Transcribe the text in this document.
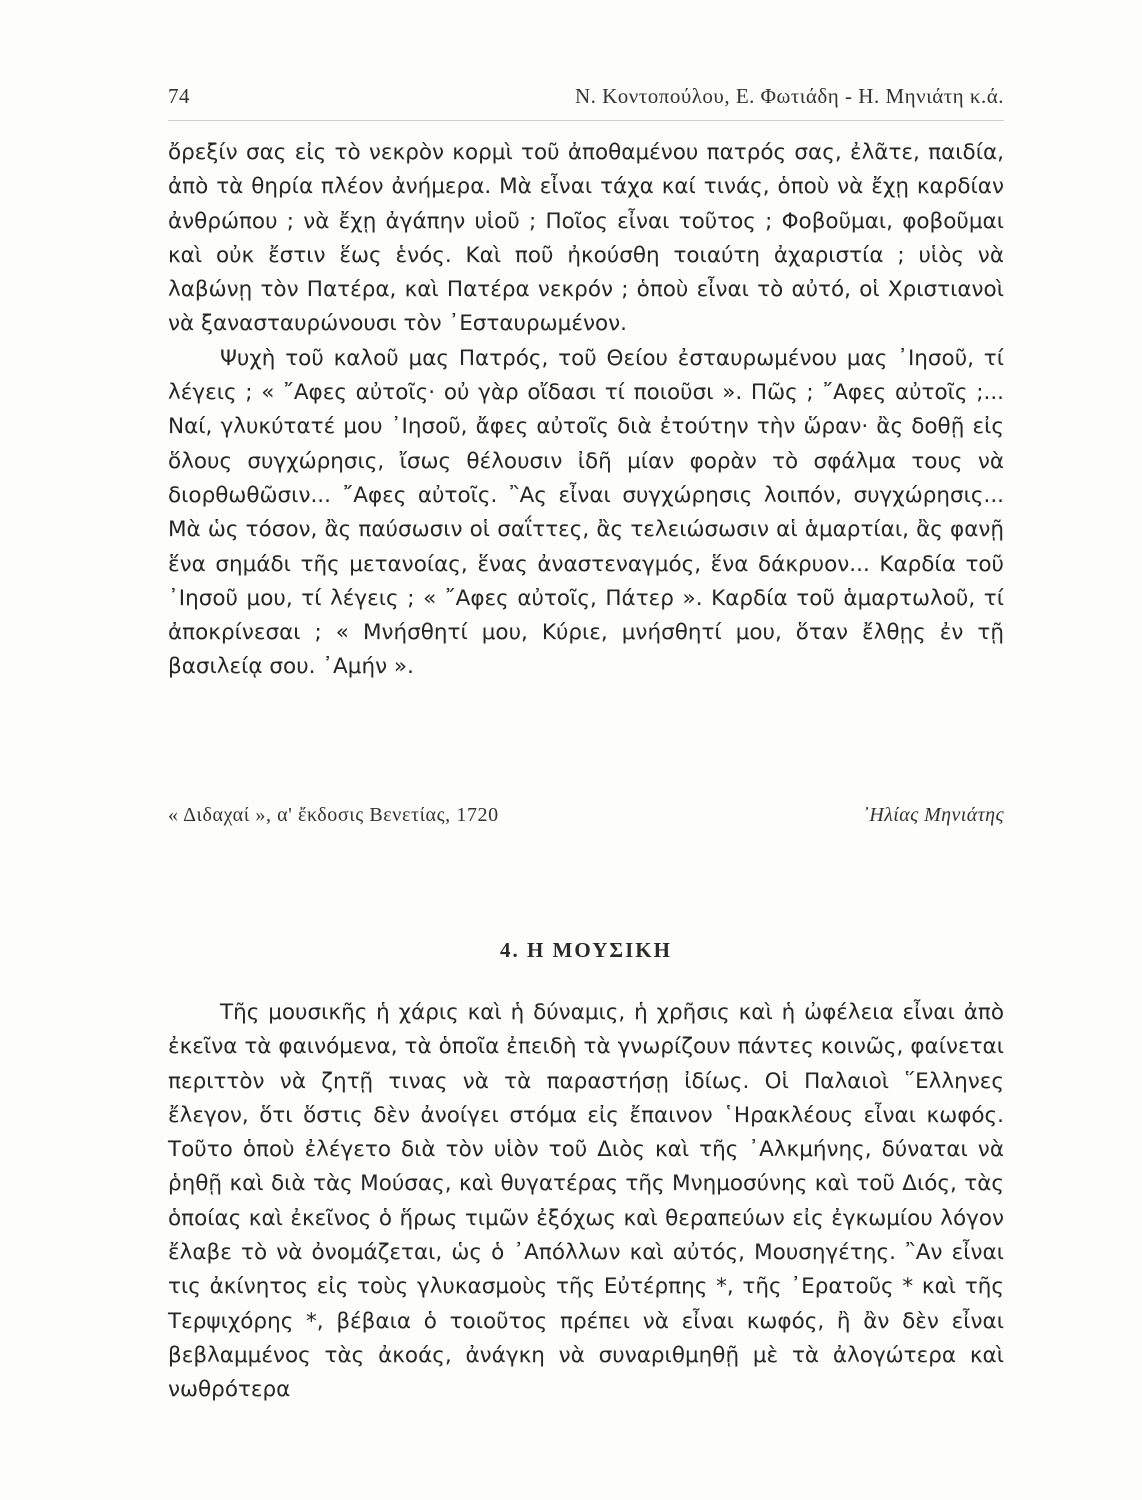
74	Ν. Κοντοπούλου, Ε. Φωτιάδη - Η. Μηνιάτη κ.ά.

ὄρεξίν σας εἰς τὸ νεκρὸν κορμὶ τοῦ ἀποθαμένου πατρός σας, ἐλᾶτε, παιδία, ἀπὸ τὰ θηρία πλέον ἀνήμερα. Μὰ εἶναι τάχα καί τινάς, ὁποὺ νὰ ἔχῃ καρδίαν ἀνθρώπου ; νὰ ἔχῃ ἀγάπην υἱοῦ ; Ποῖος εἶναι τοῦτος ; Φοβοῦμαι, φοβοῦμαι καὶ οὐκ ἔστιν ἕως ἑνός. Καὶ ποῦ ἠκούσθη τοιαύτη ἀχαριστία ; υἱὸς νὰ λαβώνῃ τὸν Πατέρα, καὶ Πατέρα νεκρόν ; ὁποὺ εἶναι τὸ αὐτό, οἱ Χριστιανοὶ νὰ ξανασταυρώνουσι τὸν ᾿Εσταυρωμένον.

Ψυχὴ τοῦ καλοῦ μας Πατρός, τοῦ Θείου ἐσταυρωμένου μας ᾿Ιησοῦ, τί λέγεις ; « ῎Αφες αὐτοῖς· οὐ γὰρ οἴδασι τί ποιοῦσι ». Πῶς ; ῎Αφες αὐτοῖς ;... Ναί, γλυκύτατέ μου ᾿Ιησοῦ, ἄφες αὐτοῖς διὰ ἐτούτην τὴν ὥραν· ἂς δοθῇ εἰς ὅλους συγχώρησις, ἴσως θέλουσιν ἰδῆ μίαν φορὰν τὸ σφάλμα τους νὰ διορθωθῶσιν... ῎Αφες αὐτοῖς. ῍Ας εἶναι συγχώρησις λοιπόν, συγχώρησις... Μὰ ὡς τόσον, ἂς παύσωσιν οἱ σαΐττες, ἂς τελειώσωσιν αἱ ἁμαρτίαι, ἂς φανῇ ἕνα σημάδι τῆς μετανοίας, ἕνας ἀναστεναγμός, ἕνα δάκρυον... Καρδία τοῦ ᾿Ιησοῦ μου, τί λέγεις ; « ῎Αφες αὐτοῖς, Πάτερ ». Καρδία τοῦ ἁμαρτωλοῦ, τί ἀποκρίνεσαι ; « Μνήσθητί μου, Κύριε, μνήσθητί μου, ὅταν ἔλθῃς ἐν τῇ βασιλείᾳ σου. ᾿Αμήν ».

« Διδαχαί », α' ἔκδοσις Βενετίας, 1720	᾿Ηλίας Μηνιάτης
4. Η ΜΟΥΣΙΚΗ

Τῆς μουσικῆς ἡ χάρις καὶ ἡ δύναμις, ἡ χρῆσις καὶ ἡ ὠφέλεια εἶναι ἀπὸ ἐκεῖνα τὰ φαινόμενα, τὰ ὁποῖα ἐπειδὴ τὰ γνωρίζουν πάντες κοινῶς, φαίνεται περιττὸν νὰ ζητῇ τινας νὰ τὰ παραστήσῃ ἰδίως. Οἱ Παλαιοὶ ῞Ελληνες ἔλεγον, ὅτι ὅστις δὲν ἀνοίγει στόμα εἰς ἔπαινον ῾Ηρακλέους εἶναι κωφός. Τοῦτο ὁποὺ ἐλέγετο διὰ τὸν υἱὸν τοῦ Διὸς καὶ τῆς ᾿Αλκμήνης, δύναται νὰ ῥηθῇ καὶ διὰ τὰς Μούσας, καὶ θυγατέρας τῆς Μνημοσύνης καὶ τοῦ Διός, τὰς ὁποίας καὶ ἐκεῖνος ὁ ἥρως τιμῶν ἐξόχως καὶ θεραπεύων εἰς ἐγκωμίου λόγον ἔλαβε τὸ νὰ ὀνομάζεται, ὡς ὁ ᾿Απόλλων καὶ αὐτός, Μουσηγέτης. ῍Αν εἶναι τις ἀκίνητος εἰς τοὺς γλυκασμοὺς τῆς Εὐτέρπης *, τῆς ᾿Ερατοῦς * καὶ τῆς Τερψιχόρης *, βέβαια ὁ τοιοῦτος πρέπει νὰ εἶναι κωφός, ἢ ἂν δὲν εἶναι βεβλαμμένος τὰς ἀκοάς, ἀνάγκη νὰ συναριθμηθῇ μὲ τὰ ἀλογώτερα καὶ νωθρότερα
